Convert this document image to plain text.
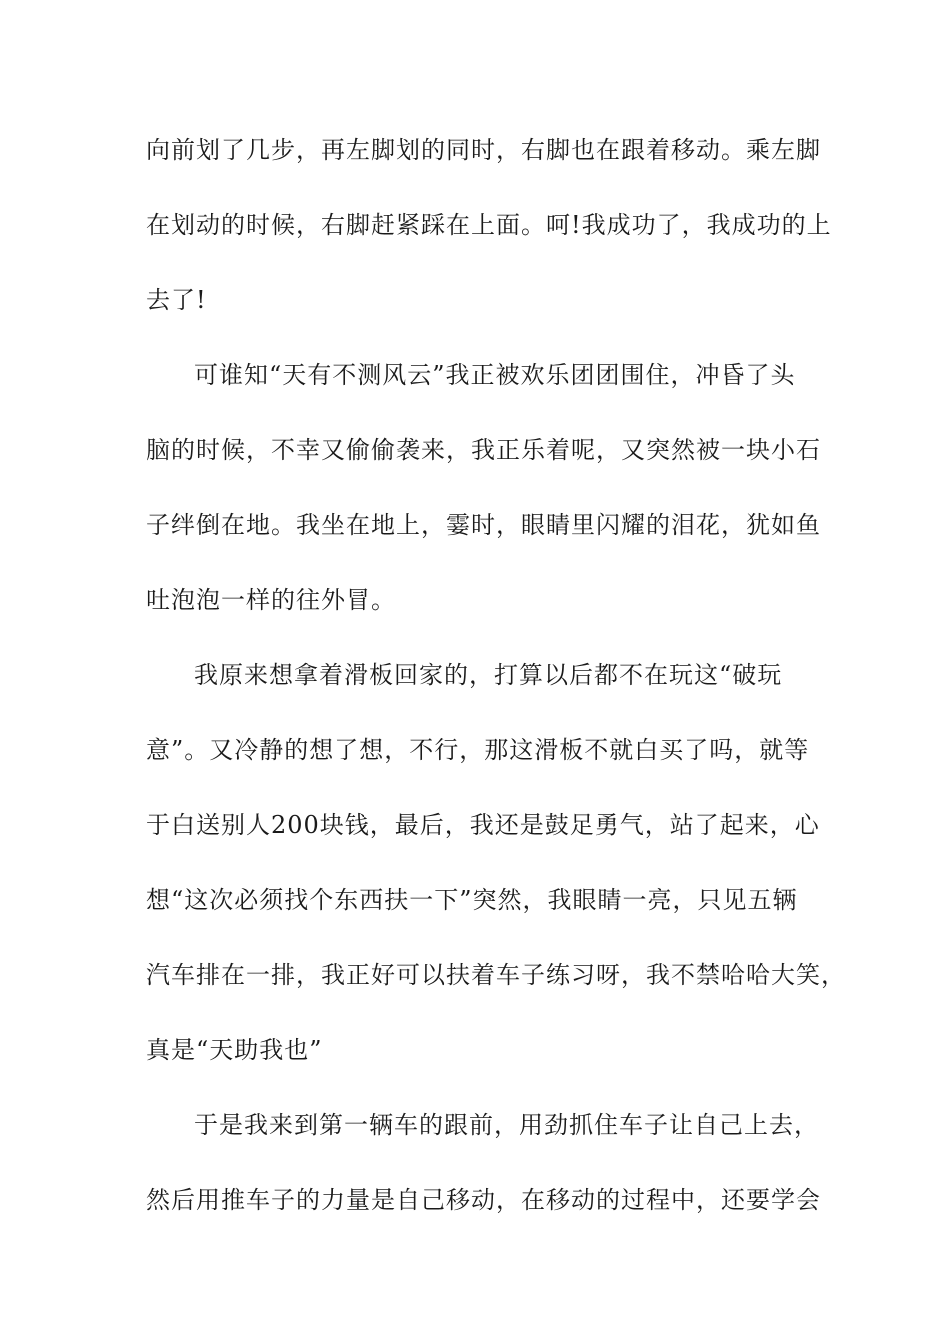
向前划了几步，再左脚划的同时，右脚也在跟着移动。乘左脚
在划动的时候，右脚赶紧踩在上面。呵!我成功了，我成功的上
去了!
可谁知“天有不测风云”我正被欢乐团团围住，冲昏了头
脑的时候，不幸又偷偷袭来，我正乐着呢，又突然被一块小石
子绊倒在地。我坐在地上，霎时，眼睛里闪耀的泪花，犹如鱼
吐泡泡一样的往外冒。
我原来想拿着滑板回家的，打算以后都不在玩这“破玩
意”。又冷静的想了想，不行，那这滑板不就白买了吗，就等
于白送别人200块钱，最后，我还是鼓足勇气，站了起来，心
想“这次必须找个东西扶一下”突然，我眼睛一亮，只见五辆
汽车排在一排，我正好可以扶着车子练习呀，我不禁哈哈大笑，
真是“天助我也”
于是我来到第一辆车的跟前，用劲抓住车子让自己上去，
然后用推车子的力量是自己移动，在移动的过程中，还要学会
